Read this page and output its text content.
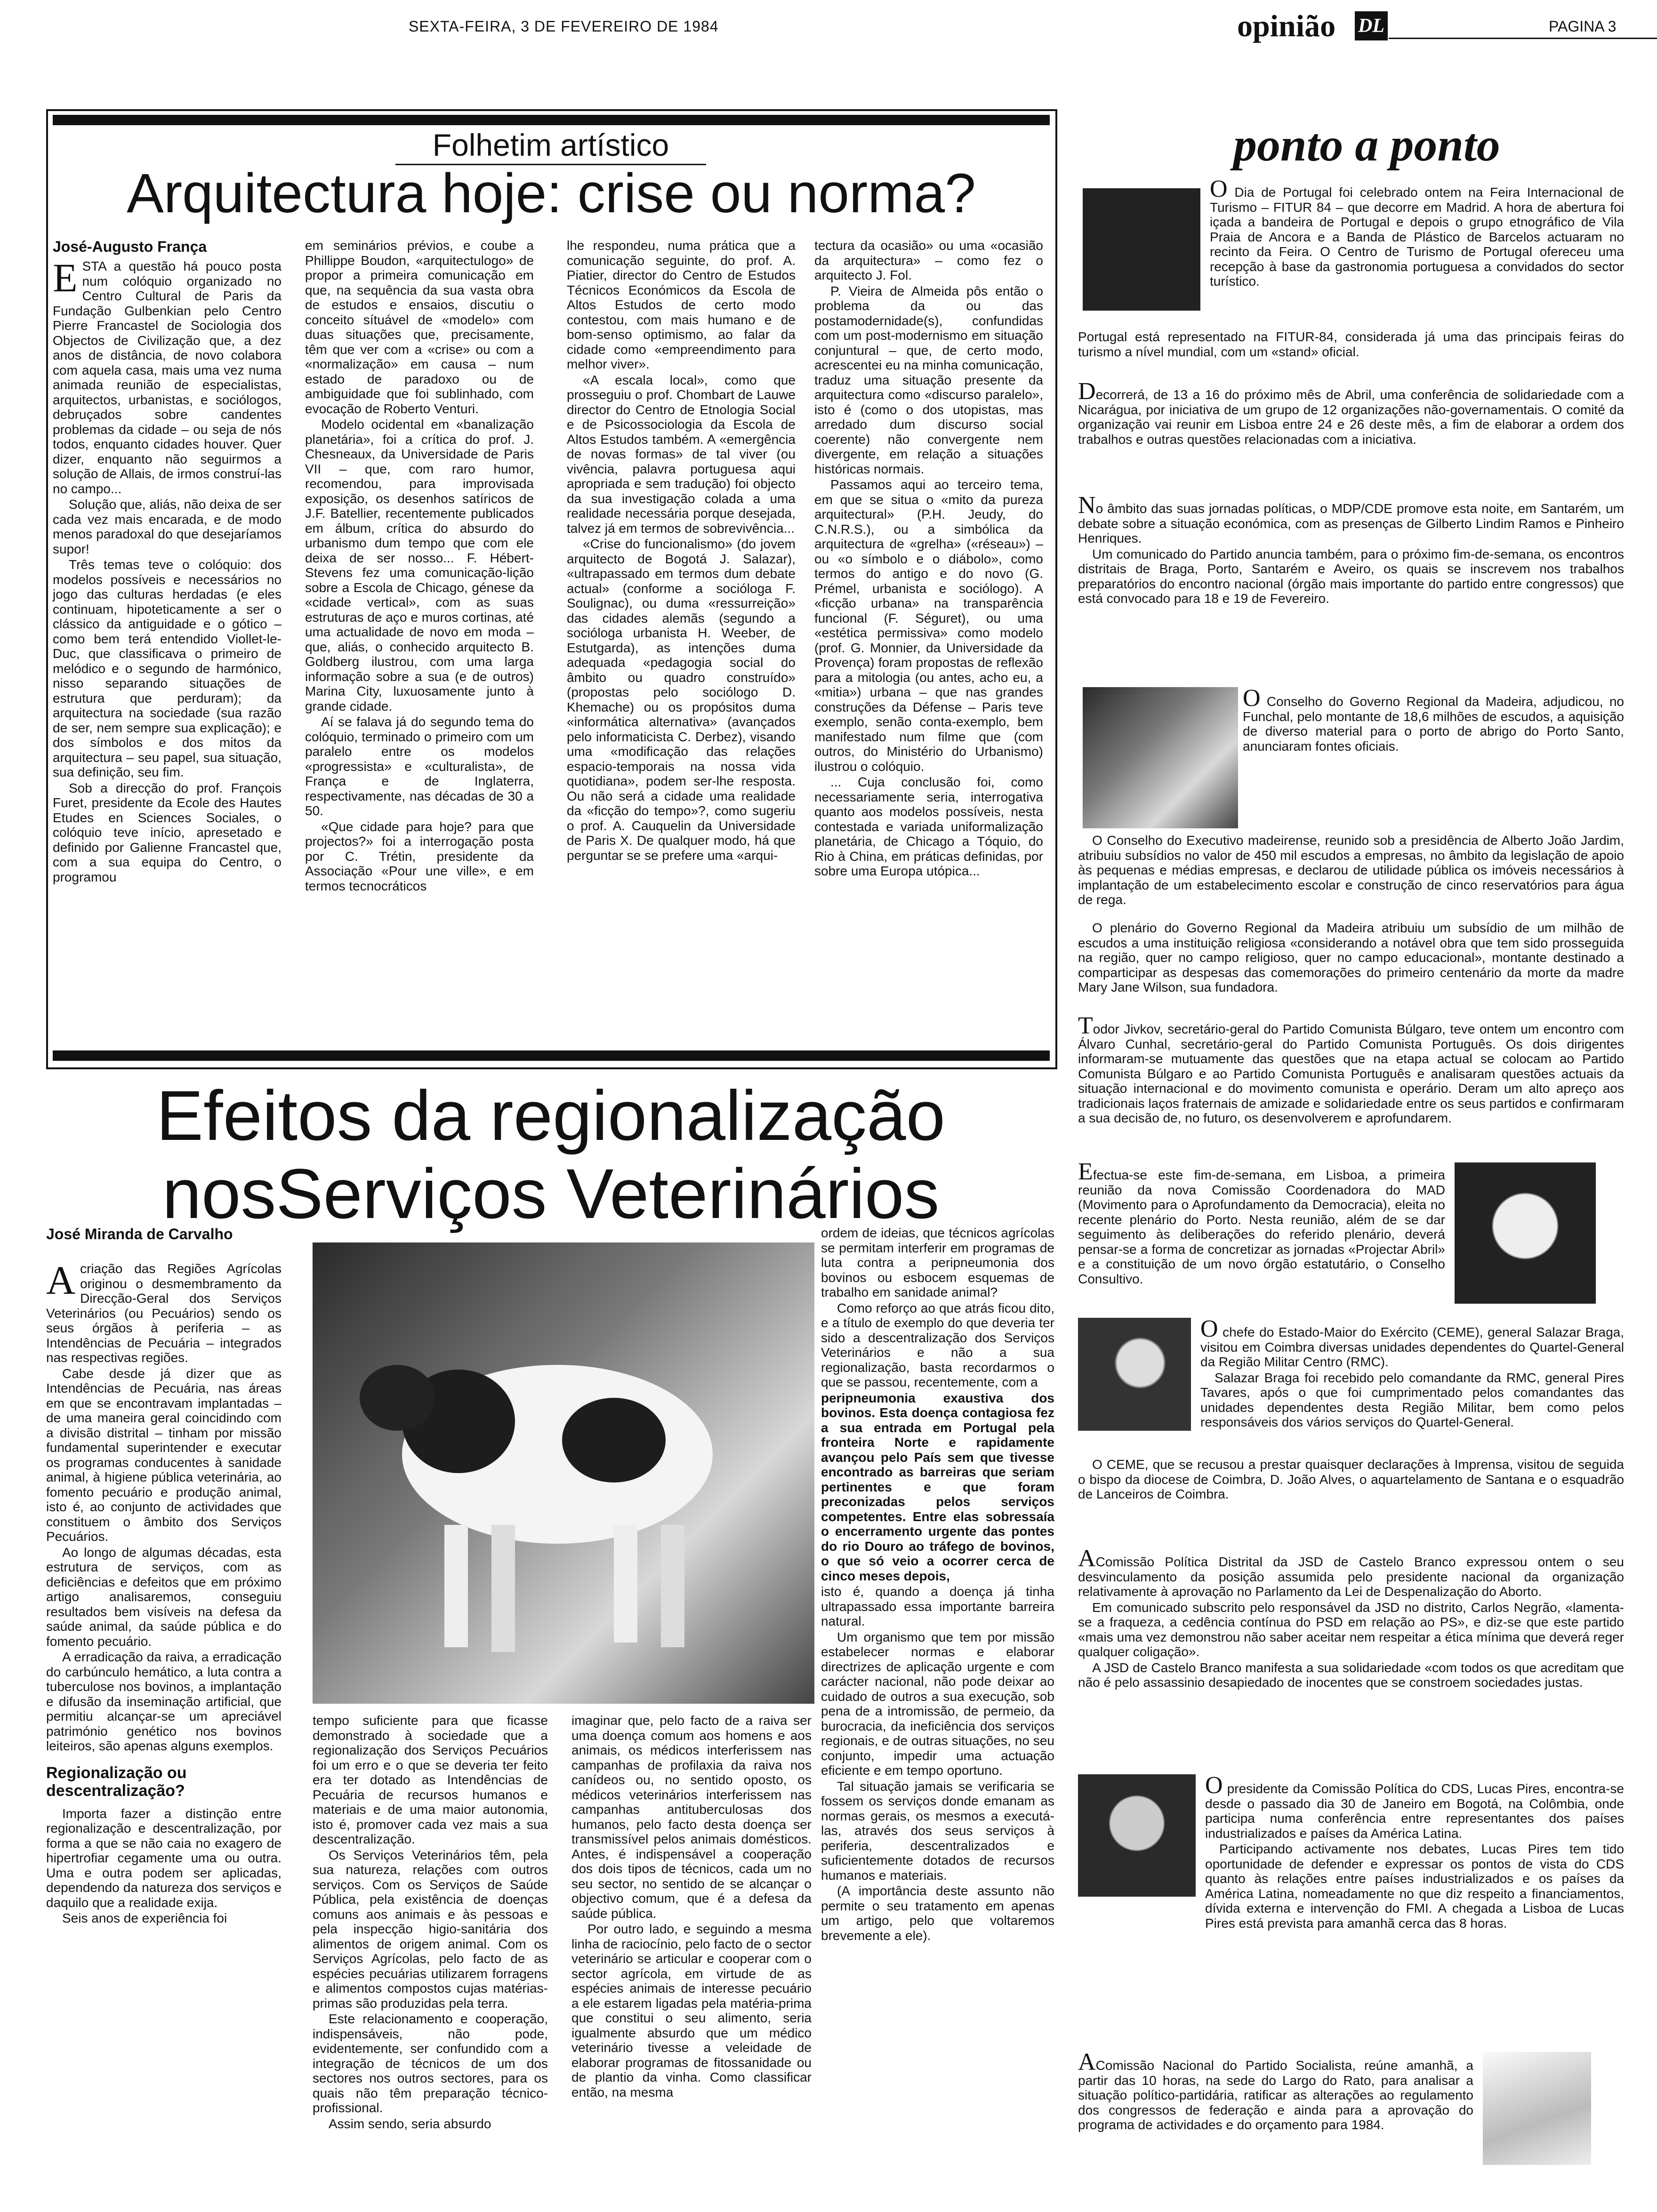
SEXTA-FEIRA, 3 DE FEVEREIRO DE 1984	opinião DL	PAGINA 3
Folhetim artístico
Arquitectura hoje: crise ou norma?
José-Augusto França
E STA a questão há pouco posta num colóquio organizado no Centro Cultural de Paris da Fundação Gulbenkian pelo Centro Pierre Francastel de Sociologia dos Objectos de Civilização que, a dez anos de distância, de novo colabora com aquela casa, mais uma vez numa animada reunião de especialistas, arquitectos, urbanistas, e sociólogos, debruçados sobre candentes problemas da cidade – ou seja de nós todos, enquanto cidades houver. Quer dizer, enquanto não seguirmos a solução de Allais, de irmos construí-las no campo...

Solução que, aliás, não deixa de ser cada vez mais encarada, e de modo menos paradoxal do que desejaríamos supor!

Três temas teve o colóquio: dos modelos possíveis e necessários no jogo das culturas herdadas (e eles continuam, hipoteticamente a ser o clássico da antiguidade e o gótico – como bem terá entendido Viollet-le-Duc, que classificava o primeiro de melódico e o segundo de harmónico, nisso separando situações de estrutura que perduram); da arquitectura na sociedade (sua razão de ser, nem sempre sua explicação); e dos símbolos e dos mitos da arquitectura – seu papel, sua situação, sua definição, seu fim.

Sob a direcção do prof. François Furet, presidente da Ecole des Hautes Etudes en Sciences Sociales, o colóquio teve início, apresetado e definido por Galienne Francastel que, com a sua equipa do Centro, o programou

em seminários prévios, e coube a Phillippe Boudon, «arquitectulogo» de propor a primeira comunicação em que, na sequência da sua vasta obra de estudos e ensaios, discutiu o conceito sítuável de «modelo» com duas situações que, precisamente, têm que ver com a «crise» ou com a «normalização» em causa – num estado de paradoxo ou de ambiguidade que foi sublinhado, com evocação de Roberto Venturi.

Modelo ocidental em «banalização planetária», foi a crítica do prof. J. Chesneaux, da Universidade de Paris VII – que, com raro humor, recomendou, para improvisada exposição, os desenhos satíricos de J.F. Batellier, recentemente publicados em álbum, crítica do absurdo do urbanismo dum tempo que com ele deixa de ser nosso... F. Hébert-Stevens fez uma comunicação-lição sobre a Escola de Chicago, génese da «cidade vertical», com as suas estruturas de aço e muros cortinas, até uma actualidade de novo em moda – que, aliás, o conhecido arquitecto B. Goldberg ilustrou, com uma larga informação sobre a sua (e de outros) Marina City, luxuosamente junto à grande cidade.

Aí se falava já do segundo tema do colóquio, terminado o primeiro com um paralelo entre os modelos «progressista» e «culturalista», de França e de Inglaterra, respectivamente, nas décadas de 30 a 50.

«Que cidade para hoje? para que projectos?» foi a interrogação posta por C. Trétin, presidente da Associação «Pour une ville», e em termos tecnocráticos

lhe respondeu, numa prática que a comunicação seguinte, do prof. A. Piatier, director do Centro de Estudos Técnicos Económicos da Escola de Altos Estudos de certo modo contestou, com mais humano e de bom-senso optimismo, ao falar da cidade como «empreendimento para melhor viver».

«A escala local», como que prosseguiu o prof. Chombart de Lauwe director do Centro de Etnologia Social e de Psicossociologia da Escola de Altos Estudos também. A «emergência de novas formas» de tal viver (ou vivência, palavra portuguesa aqui apropriada e sem tradução) foi objecto da sua investigação colada a uma realidade necessária porque desejada, talvez já em termos de sobrevivência...

«Crise do funcionalismo» (do jovem arquitecto de Bogotá J. Salazar), «ultrapassado em termos dum debate actual» (conforme a socióloga F. Soulignac), ou duma «ressurreição» das cidades alemãs (segundo a socióloga urbanista H. Weeber, de Estutgarda), as intenções duma adequada «pedagogia social do âmbito ou quadro construído» (propostas pelo sociólogo D. Khemache) ou os propósitos duma «informática alternativa» (avançados pelo informaticista C. Derbez), visando uma «modificação das relações espacio-temporais na nossa vida quotidiana», podem ser-lhe resposta. Ou não será a cidade uma realidade da «ficção do tempo»?, como sugeriu o prof. A. Cauquelin da Universidade de Paris X. De qualquer modo, há que perguntar se se prefere uma «arqui-

tectura da ocasião» ou uma «ocasião da arquitectura» – como fez o arquitecto J. Fol.

P. Vieira de Almeida pôs então o problema da ou das postamodernidade(s), confundidas com um post-modernismo em situação conjuntural – que, de certo modo, acrescentei eu na minha comunicação, traduz uma situação presente da arquitectura como «discurso paralelo», isto é (como o dos utopistas, mas arredado dum discurso social coerente) não convergente nem divergente, em relação a situações históricas normais.

Passamos aqui ao terceiro tema, em que se situa o «mito da pureza arquitectural» (P.H. Jeudy, do C.N.R.S.), ou a simbólica da arquitectura de «grelha» («réseau») – ou «o símbolo e o diábolo», como termos do antigo e do novo (G. Prémel, urbanista e sociólogo). A «ficção urbana» na transparência funcional (F. Séguret), ou uma «estética permissiva» como modelo (prof. G. Monnier, da Universidade da Provença) foram propostas de reflexão para a mitologia (ou antes, acho eu, a «mitia») urbana – que nas grandes construções da Défense – Paris teve exemplo, senão conta-exemplo, bem manifestado num filme que (com outros, do Ministério do Urbanismo) ilustrou o colóquio.

... Cuja conclusão foi, como necessariamente seria, interrogativa quanto aos modelos possíveis, nesta contestada e variada uniformalização planetária, de Chicago a Tóquio, do Rio à China, em práticas definidas, por sobre uma Europa utópica...

Efeitos da regionalização
nosServiços Veterinários
José Miranda de Carvalho
A criação das Regiões Agrícolas originou o desmembramento da Direcção-Geral dos Serviços Veterinários (ou Pecuários) sendo os seus órgãos à periferia – as Intendências de Pecuária – integrados nas respectivas regiões.

Cabe desde já dizer que as Intendências de Pecuária, nas áreas em que se encontravam implantadas – de uma maneira geral coincidindo com a divisão distrital – tinham por missão fundamental superintender e executar os programas conducentes à sanidade animal, à higiene pública veterinária, ao fomento pecuário e produção animal, isto é, ao conjunto de actividades que constituem o âmbito dos Serviços Pecuários.

Ao longo de algumas décadas, esta estrutura de serviços, com as deficiências e defeitos que em próximo artigo analisaremos, conseguiu resultados bem visíveis na defesa da saúde animal, da saúde pública e do fomento pecuário.

A erradicação da raiva, a erradicação do carbúnculo hemático, a luta contra a tuberculose nos bovinos, a implantação e difusão da inseminação artificial, que permitiu alcançar-se um apreciável património genético nos bovinos leiteiros, são apenas alguns exemplos.

Regionalização ou descentralização?

Importa fazer a distinção entre regionalização e descentralização, por forma a que se não caia no exagero de hipertrofiar cegamente uma ou outra. Uma e outra podem ser aplicadas, dependendo da natureza dos serviços e daquilo que a realidade exija.

Seis anos de experiência foi

tempo suficiente para que ficasse demonstrado à sociedade que a regionalização dos Serviços Pecuários foi um erro e o que se deveria ter feito era ter dotado as Intendências de Pecuária de recursos humanos e materiais e de uma maior autonomia, isto é, promover cada vez mais a sua descentralização.

Os Serviços Veterinários têm, pela sua natureza, relações com outros serviços. Com os Serviços de Saúde Pública, pela existência de doenças comuns aos animais e às pessoas e pela inspecção higio-sanitária dos alimentos de origem animal. Com os Serviços Agrícolas, pelo facto de as espécies pecuárias utilizarem forragens e alimentos compostos cujas matérias-primas são produzidas pela terra.

Este relacionamento e cooperação, indispensáveis, não pode, evidentemente, ser confundido com a integração de técnicos de um dos sectores nos outros sectores, para os quais não têm preparação técnico-profissional.

Assim sendo, seria absurdo

imaginar que, pelo facto de a raiva ser uma doença comum aos homens e aos animais, os médicos interferissem nas campanhas de profilaxia da raiva nos canídeos ou, no sentido oposto, os médicos veterinários interferissem nas campanhas antituberculosas dos humanos, pelo facto desta doença ser transmissível pelos animais domésticos. Antes, é indispensável a cooperação dos dois tipos de técnicos, cada um no seu sector, no sentido de se alcançar o objectivo comum, que é a defesa da saúde pública.

Por outro lado, e seguindo a mesma linha de raciocínio, pelo facto de o sector veterinário se articular e cooperar com o sector agrícola, em virtude de as espécies animais de interesse pecuário a ele estarem ligadas pela matéria-prima que constitui o seu alimento, seria igualmente absurdo que um médico veterinário tivesse a veleidade de elaborar programas de fitossanidade ou de plantio da vinha. Como classificar então, na mesma

ordem de ideias, que técnicos agrícolas se permitam interferir em programas de luta contra a peripneumonia dos bovinos ou esbocem esquemas de trabalho em sanidade animal?

Como reforço ao que atrás ficou dito, e a título de exemplo do que deveria ter sido a descentralização dos Serviços Veterinários e não a sua regionalização, basta recordarmos o que se passou, recentemente, com a

peripneumonia exaustiva dos bovinos. Esta doença contagiosa fez a sua entrada em Portugal pela fronteira Norte e rapidamente avançou pelo País sem que tivesse encontrado as barreiras que seriam pertinentes e que foram preconizadas pelos serviços competentes. Entre elas sobressaía o encerramento urgente das pontes do rio Douro ao tráfego de bovinos, o que só veio a ocorrer cerca de cinco meses depois,

isto é, quando a doença já tinha ultrapassado essa importante barreira natural.

Um organismo que tem por missão estabelecer normas e elaborar directrizes de aplicação urgente e com carácter nacional, não pode deixar ao cuidado de outros a sua execução, sob pena de a intromissão, de permeio, da burocracia, da ineficiência dos serviços regionais, e de outras situações, no seu conjunto, impedir uma actuação eficiente e em tempo oportuno.

Tal situação jamais se verificaria se fossem os serviços donde emanam as normas gerais, os mesmos a executá-las, através dos seus serviços à periferia, descentralizados e suficientemente dotados de recursos humanos e materiais.

(A importância deste assunto não permite o seu tratamento em apenas um artigo, pelo que voltaremos brevemente a ele).

ponto a ponto

O Dia de Portugal foi celebrado ontem na Feira Internacional de Turismo – FITUR 84 – que decorre em Madrid. A hora de abertura foi içada a bandeira de Portugal e depois o grupo etnográfico de Vila Praia de Ancora e a Banda de Plástico de Barcelos actuaram no recinto da Feira. O Centro de Turismo de Portugal ofereceu uma recepção à base da gastronomia portuguesa a convidados do sector turístico.

Portugal está representado na FITUR-84, considerada já uma das principais feiras do turismo a nível mundial, com um «stand» oficial.

Decorrerá, de 13 a 16 do próximo mês de Abril, uma conferência de solidariedade com a Nicarágua, por iniciativa de um grupo de 12 organizações não-governamentais. O comité da organização vai reunir em Lisboa entre 24 e 26 deste mês, a fim de elaborar a ordem dos trabalhos e outras questões relacionadas com a iniciativa.

No âmbito das suas jornadas políticas, o MDP/CDE promove esta noite, em Santarém, um debate sobre a situação económica, com as presenças de Gilberto Lindim Ramos e Pinheiro Henriques.

Um comunicado do Partido anuncia também, para o próximo fim-de-semana, os encontros distritais de Braga, Porto, Santarém e Aveiro, os quais se inscrevem nos trabalhos preparatórios do encontro nacional (órgão mais importante do partido entre congressos) que está convocado para 18 e 19 de Fevereiro.

O Conselho do Governo Regional da Madeira, adjudicou, no Funchal, pelo montante de 18,6 milhões de escudos, a aquisição de diverso material para o porto de abrigo do Porto Santo, anunciaram fontes oficiais.

O Conselho do Executivo madeirense, reunido sob a presidência de Alberto João Jardim, atribuiu subsídios no valor de 450 mil escudos a empresas, no âmbito da legislação de apoio às pequenas e médias empresas, e declarou de utilidade pública os imóveis necessários à implantação de um estabelecimento escolar e construção de cinco reservatórios para água de rega.

O plenário do Governo Regional da Madeira atribuiu um subsídio de um milhão de escudos a uma instituição religiosa «considerando a notável obra que tem sido prosseguida na região, quer no campo religioso, quer no campo educacional», montante destinado a comparticipar as despesas das comemorações do primeiro centenário da morte da madre Mary Jane Wilson, sua fundadora.

Todor Jivkov, secretário-geral do Partido Comunista Búlgaro, teve ontem um encontro com Álvaro Cunhal, secretário-geral do Partido Comunista Português. Os dois dirigentes informaram-se mutuamente das questões que na etapa actual se colocam ao Partido Comunista Búlgaro e ao Partido Comunista Português e analisaram questões actuais da situação internacional e do movimento comunista e operário. Deram um alto apreço aos tradicionais laços fraternais de amizade e solidariedade entre os seus partidos e confirmaram a sua decisão de, no futuro, os desenvolverem e aprofundarem.

Efectua-se este fim-de-semana, em Lisboa, a primeira reunião da nova Comissão Coordenadora do MAD (Movimento para o Aprofundamento da Democracia), eleita no recente plenário do Porto. Nesta reunião, além de se dar seguimento às deliberações do referido plenário, deverá pensar-se a forma de concretizar as jornadas «Projectar Abril» e a constituição de um novo órgão estatutário, o Conselho Consultivo.

O chefe do Estado-Maior do Exército (CEME), general Salazar Braga, visitou em Coimbra diversas unidades dependentes do Quartel-General da Região Militar Centro (RMC).

Salazar Braga foi recebido pelo comandante da RMC, general Pires Tavares, após o que foi cumprimentado pelos comandantes das unidades dependentes desta Região Militar, bem como pelos responsáveis dos vários serviços do Quartel-General.

O CEME, que se recusou a prestar quaisquer declarações à Imprensa, visitou de seguida o bispo da diocese de Coimbra, D. João Alves, o aquartelamento de Santana e o esquadrão de Lanceiros de Coimbra.

AComissão Política Distrital da JSD de Castelo Branco expressou ontem o seu desvinculamento da posição assumida pelo presidente nacional da organização relativamente à aprovação no Parlamento da Lei de Despenalização do Aborto.

Em comunicado subscrito pelo responsável da JSD no distrito, Carlos Negrão, «lamenta-se a fraqueza, a cedência contínua do PSD em relação ao PS», e diz-se que este partido «mais uma vez demonstrou não saber aceitar nem respeitar a ética mínima que deverá reger qualquer coligação».

A JSD de Castelo Branco manifesta a sua solidariedade «com todos os que acreditam que não é pelo assassinio desapiedado de inocentes que se constroem sociedades justas.

O presidente da Comissão Política do CDS, Lucas Pires, encontra-se desde o passado dia 30 de Janeiro em Bogotá, na Colômbia, onde participa numa conferência entre representantes dos países industrializados e países da América Latina.

Participando activamente nos debates, Lucas Pires tem tido oportunidade de defender e expressar os pontos de vista do CDS quanto às relações entre países industrializados e os países da América Latina, nomeadamente no que diz respeito a financiamentos, dívida externa e intervenção do FMI. A chegada a Lisboa de Lucas Pires está prevista para amanhã cerca das 8 horas.

AComissão Nacional do Partido Socialista, reúne amanhã, a partir das 10 horas, na sede do Largo do Rato, para analisar a situação político-partidária, ratificar as alterações ao regulamento dos congressos de federação e ainda para a aprovação do programa de actividades e do orçamento para 1984.
